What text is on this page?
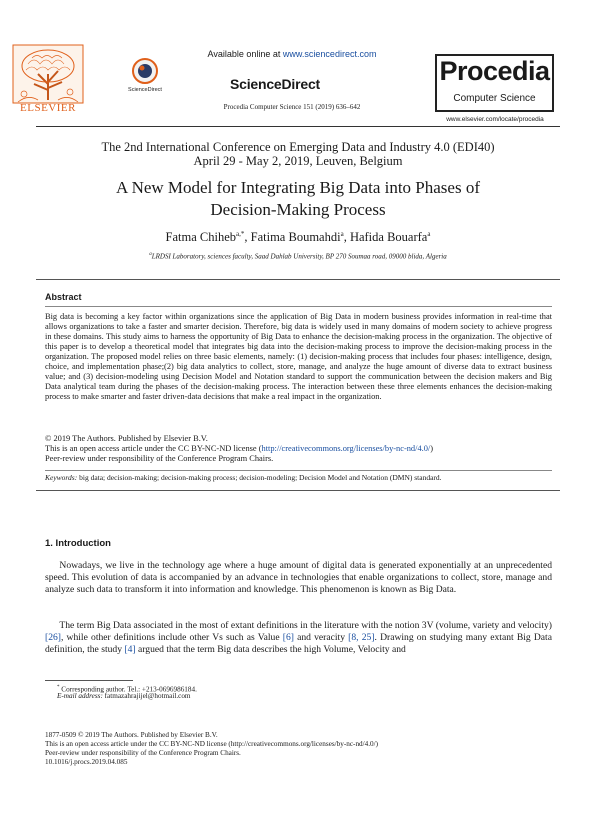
ELSEVIER
Available online at www.sciencedirect.com
ScienceDirect	ScienceDirect
Procedia Computer Science 151 (2019) 636–642
Procedia
Computer Science
www.elsevier.com/locate/procedia
The 2nd International Conference on Emerging Data and Industry 4.0 (EDI40)
April 29 - May 2, 2019, Leuven, Belgium
A New Model for Integrating Big Data into Phases of
Decision-Making Process
Fatma Chiheb$^{a,*}$, Fatima Boumahdi$^a$, Hafida Bouarfa$^a$
$^a$LRDSI Laboratory, sciences faculty, Saad Dahlab University, BP 270 Soumaa road, 09000 blida, Algeria
Abstract
Big data is becoming a key factor within organizations since the application of Big Data in modern business provides information in real-time that allows organizations to take a faster and smarter decision. Therefore, big data is widely used in many domains of modern society to achieve progress in these domains. This study aims to harness the opportunity of Big Data to enhance the decision-making process in the organization. The objective of this paper is to develop a theoretical model that integrates big data into the decision-making process to improve the decision-making process in the organization. The proposed model relies on three basic elements, namely: (1) decision-making process that includes four phases: intelligence, design, choice, and implementation phase;(2) big data analytics to collect, store, manage, and analyze the huge amount of diverse data to extract business value; and (3) decision-modeling using Decision Model and Notation standard to support the communication between the decision makers and Big Data analytical team during the phases of the decision-making process. The interaction between these three elements enhances the decision-making process to make smarter and faster driven-data decisions that make a real impact in the organization.
© 2019 The Authors. Published by Elsevier B.V.
This is an open access article under the CC BY-NC-ND license (http://creativecommons.org/licenses/by-nc-nd/4.0/)
Peer-review under responsibility of the Conference Program Chairs.
Keywords: big data; decision-making; decision-making process; decision-modeling; Decision Model and Notation (DMN) standard.
1. Introduction
  Nowadays, we live in the technology age where a huge amount of digital data is generated exponentially at an unprecedented speed. This evolution of data is accompanied by an advance in technologies that enable organizations to collect, store, manage and analyze such data to transform it into information and knowledge. This phenomenon is known as Big Data.
  The term Big Data associated in the most of extant definitions in the literature with the notion 3V (volume, variety and velocity) [26], while other definitions include other Vs such as Value [6] and veracity [8, 25]. Drawing on studying many extant Big Data definition, the study [4] argued that the term Big data describes the high Volume, Velocity and
* Corresponding author. Tel.: +213-0696986184.
E-mail address: fatmazahrajijel@hotmail.com
1877-0509 © 2019 The Authors. Published by Elsevier B.V.
This is an open access article under the CC BY-NC-ND license (http://creativecommons.org/licenses/by-nc-nd/4.0/)
Peer-review under responsibility of the Conference Program Chairs.
10.1016/j.procs.2019.04.085
